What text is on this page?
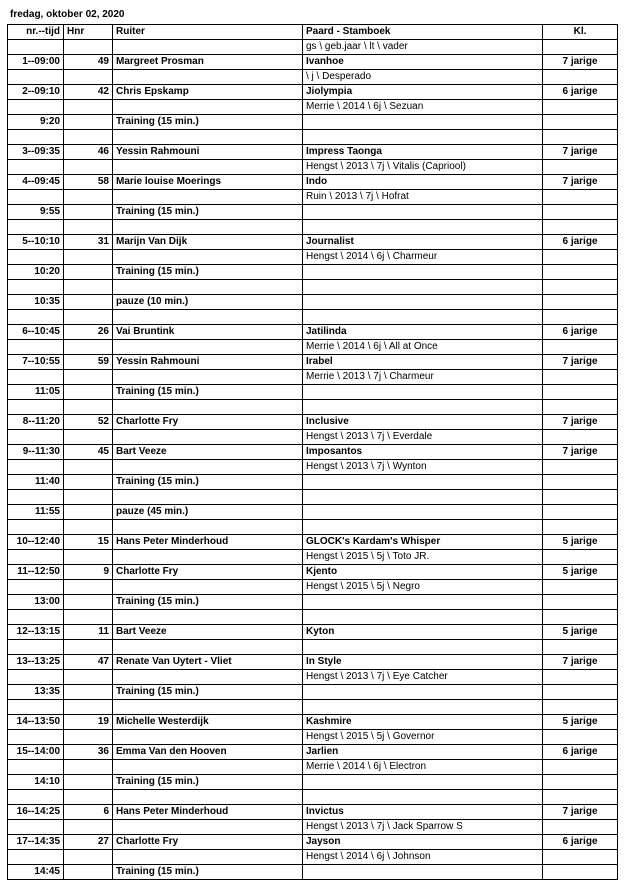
fredag, oktober 02, 2020
nr.--tijd	Hnr	Ruiter	Paard - Stamboek	Kl.
			gs \ geb.jaar \ lt \ vader	
1--09:00	49	Margreet Prosman	Ivanhoe	7 jarige
			\ j \ Desperado	
2--09:10	42	Chris Epskamp	Jiolympia	6 jarige
			Merrie \ 2014 \ 6j \ Sezuan	
9:20		Training (15 min.)		

3--09:35	46	Yessin Rahmouni	Impress Taonga	7 jarige
			Hengst \ 2013 \ 7j \ Vitalis (Capriool)	
4--09:45	58	Marie louise Moerings	Indo	7 jarige
			Ruin \ 2013 \ 7j \ Hofrat	
9:55		Training (15 min.)		

5--10:10	31	Marijn Van Dijk	Journalist	6 jarige
			Hengst \ 2014 \ 6j \ Charmeur	
10:20		Training (15 min.)		

10:35		pauze (10 min.)		

6--10:45	26	Vai Bruntink	Jatilinda	6 jarige
			Merrie \ 2014 \ 6j \ All at Once	
7--10:55	59	Yessin Rahmouni	Irabel	7 jarige
			Merrie \ 2013 \ 7j \ Charmeur	
11:05		Training (15 min.)		

8--11:20	52	Charlotte Fry	Inclusive	7 jarige
			Hengst \ 2013 \ 7j \ Everdale	
9--11:30	45	Bart Veeze	Imposantos	7 jarige
			Hengst \ 2013 \ 7j \ Wynton	
11:40		Training (15 min.)		

11:55		pauze (45 min.)		

10--12:40	15	Hans Peter Minderhoud	GLOCK's Kardam's Whisper	5 jarige
			Hengst \ 2015 \ 5j \ Toto JR.	
11--12:50	9	Charlotte Fry	Kjento	5 jarige
			Hengst \ 2015 \ 5j \ Negro	
13:00		Training (15 min.)		

12--13:15	11	Bart Veeze	Kyton	5 jarige

13--13:25	47	Renate Van Uytert - Vliet	In Style	7 jarige
			Hengst \ 2013 \ 7j \ Eye Catcher	
13:35		Training (15 min.)		

14--13:50	19	Michelle Westerdijk	Kashmire	5 jarige
			Hengst \ 2015 \ 5j \ Governor	
15--14:00	36	Emma Van den Hooven	Jarlien	6 jarige
			Merrie \ 2014 \ 6j \ Electron	
14:10		Training (15 min.)		

16--14:25	6	Hans Peter Minderhoud	Invictus	7 jarige
			Hengst \ 2013 \ 7j \ Jack Sparrow S	
17--14:35	27	Charlotte Fry	Jayson	6 jarige
			Hengst \ 2014 \ 6j \ Johnson	
14:45		Training (15 min.)		
